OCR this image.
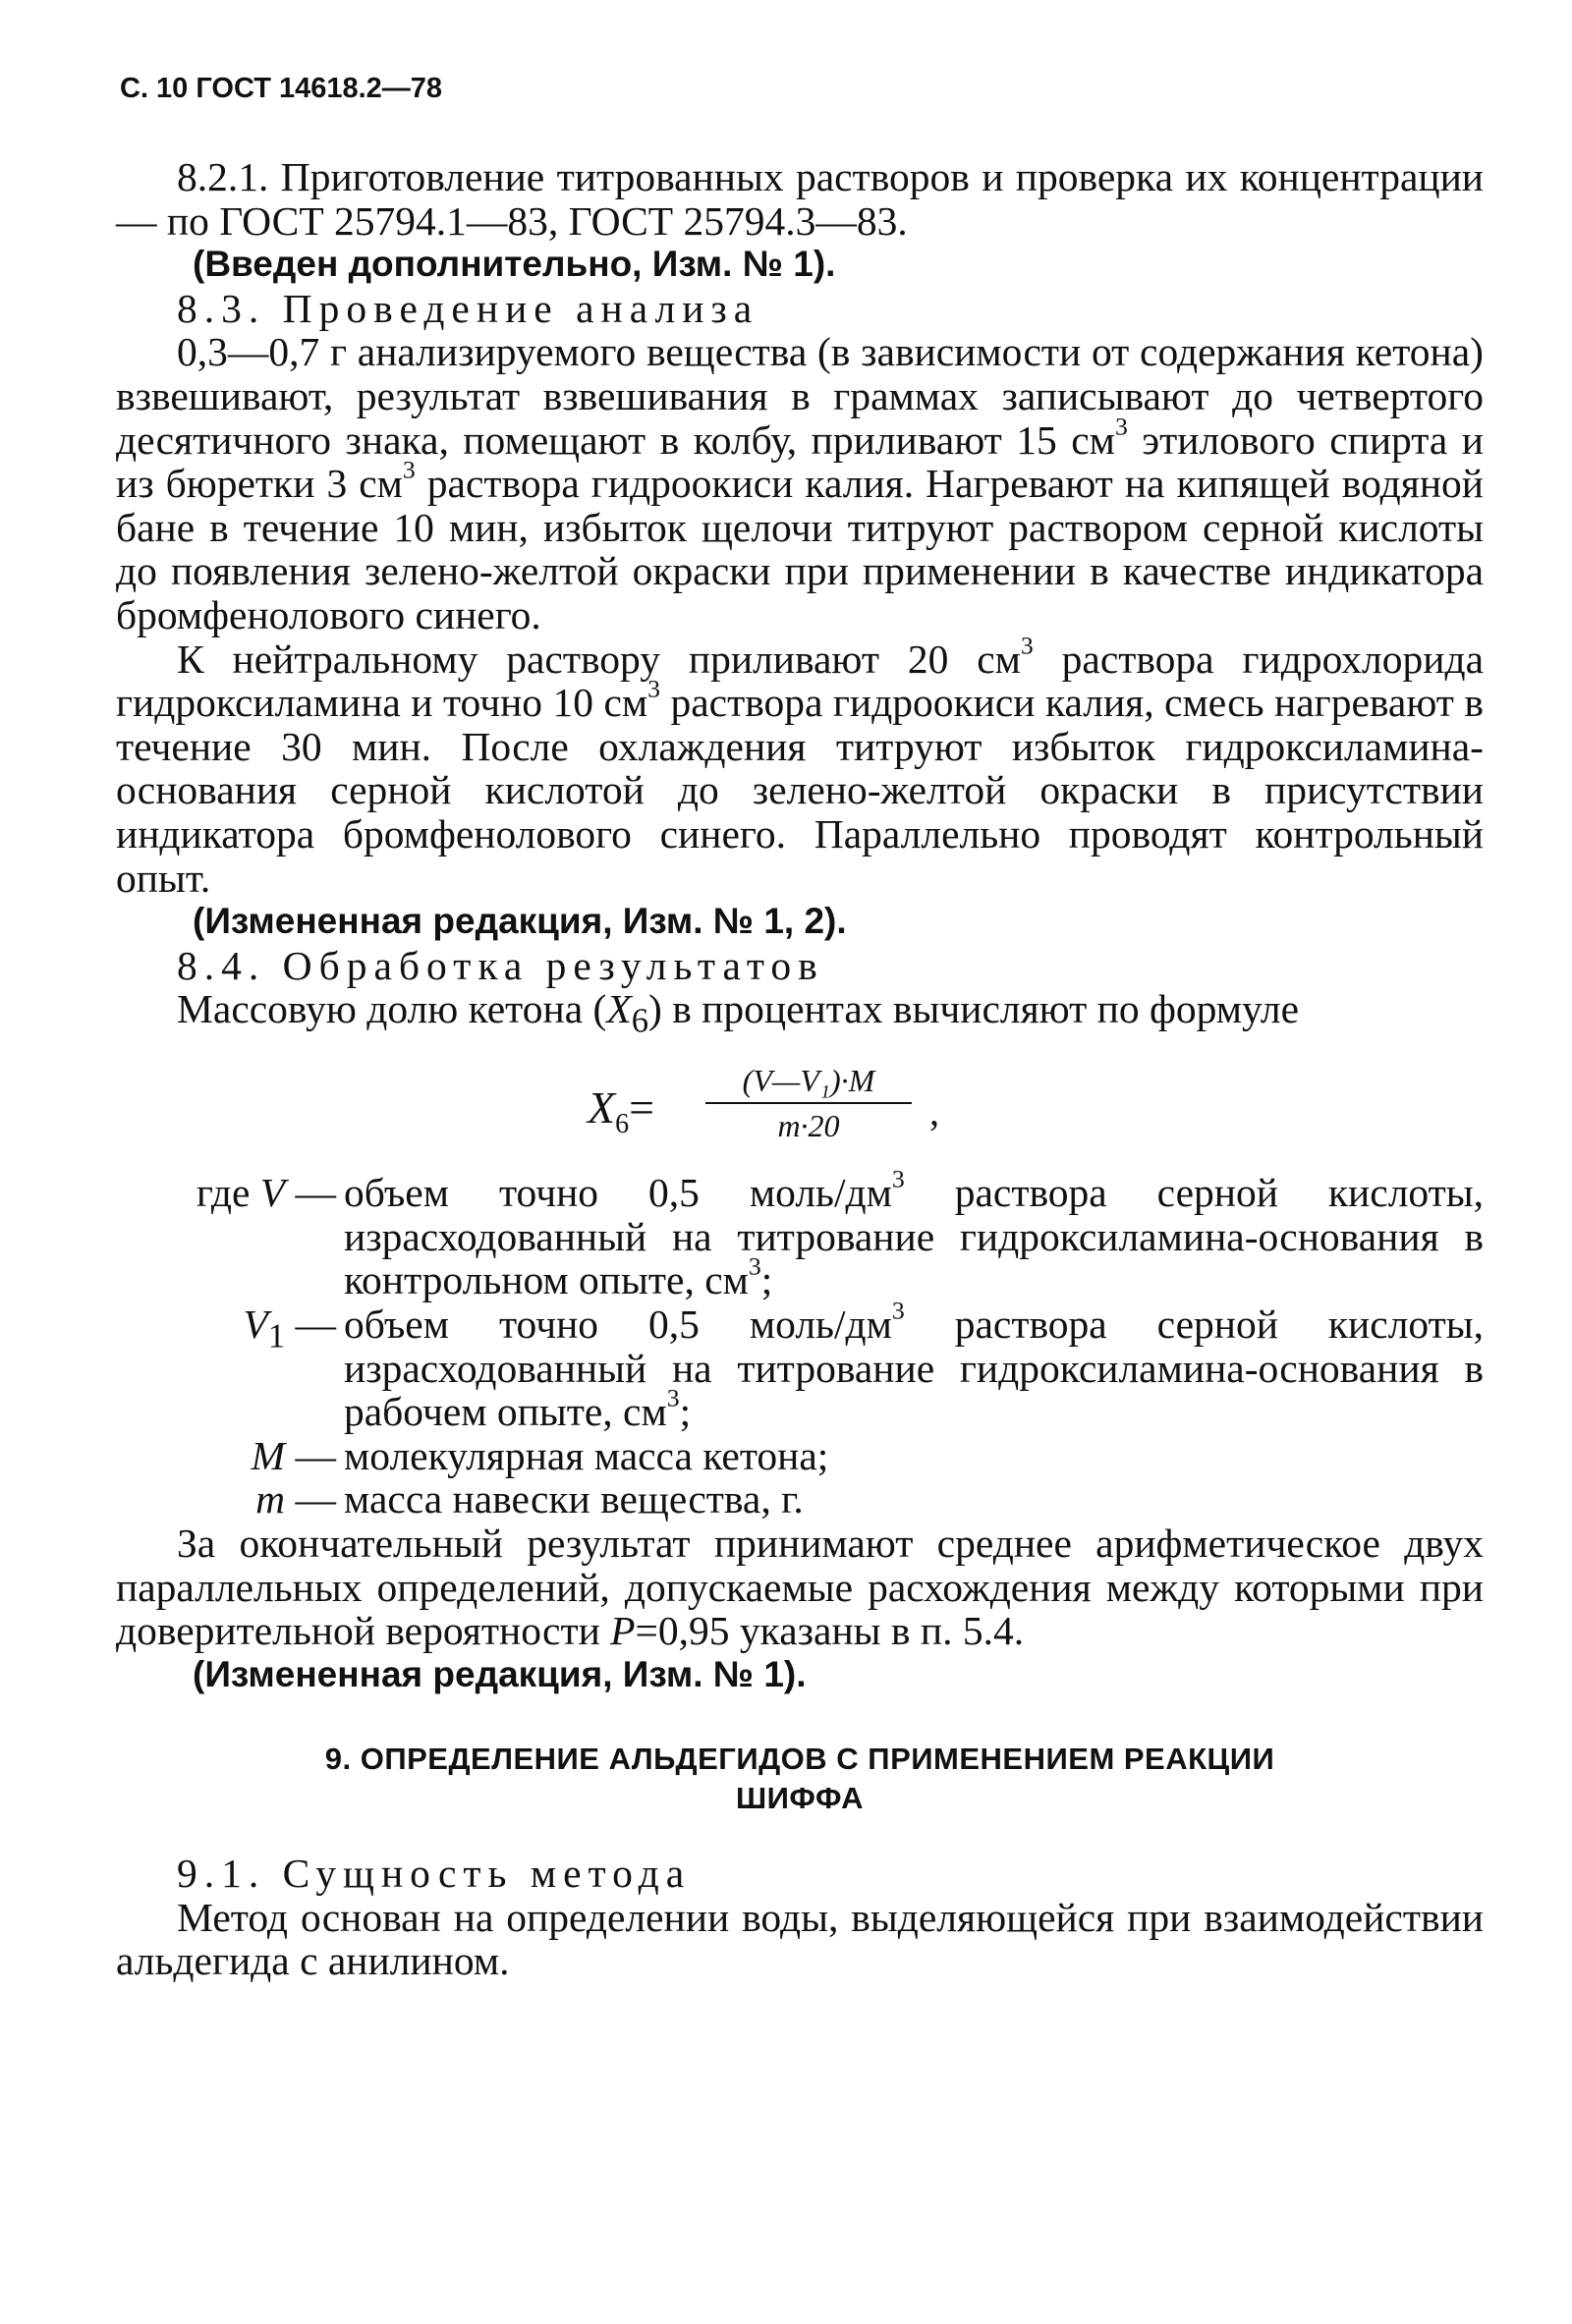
С. 10 ГОСТ 14618.2—78

8.2.1. Приготовление титрованных растворов и проверка их концентрации — по ГОСТ 25794.1—83, ГОСТ 25794.3—83.

(Введен дополнительно, Изм. № 1).

8.3. Проведение анализа

0,3—0,7 г анализируемого вещества (в зависимости от содержания кетона) взвешивают, результат взвешивания в граммах записывают до четвертого десятичного знака, помещают в колбу, приливают 15 $см^3$ этилового спирта и из бюретки 3 $см^3$ раствора гидроокиси калия. Нагревают на кипящей водяной бане в течение 10 мин, избыток щелочи титруют раствором серной кислоты до появления зелено-желтой окраски при применении в качестве индикатора бромфенолового синего.

К нейтральному раствору приливают 20 $см^3$ раствора гидрохлорида гидроксиламина и точно 10 $см^3$ раствора гидроокиси калия, смесь нагревают в течение 30 мин. После охлаждения титруют избыток гидроксиламина-основания серной кислотой до зелено-желтой окраски в присутствии индикатора бромфенолового синего. Параллельно проводят контрольный опыт.

(Измененная редакция, Изм. № 1, 2).

8.4. Обработка результатов

Массовую долю кетона $(X_6)$ в процентах вычисляют по формуле

$X_6=$
(V—V₁)·M
m·20	,
где V — объем точно 0,5 моль/$дм^3$ раствора серной кислоты, израсходованный на титрование гидроксиламина-основания в контрольном опыте, $см^3$;
$V_1$ — объем точно 0,5 моль/$дм^3$ раствора серной кислоты, израсходованный на титрование гидроксиламина-основания в рабочем опыте, $см^3$;
M — молекулярная масса кетона;
m — масса навески вещества, г.

За окончательный результат принимают среднее арифметическое двух параллельных определений, допускаемые расхождения между которыми при доверительной вероятности P=0,95 указаны в п. 5.4.

(Измененная редакция, Изм. № 1).

9. ОПРЕДЕЛЕНИЕ АЛЬДЕГИДОВ С ПРИМЕНЕНИЕМ РЕАКЦИИ
ШИФФА

9.1. Сущность метода

Метод основан на определении воды, выделяющейся при взаимодействии альдегида с анилином.
